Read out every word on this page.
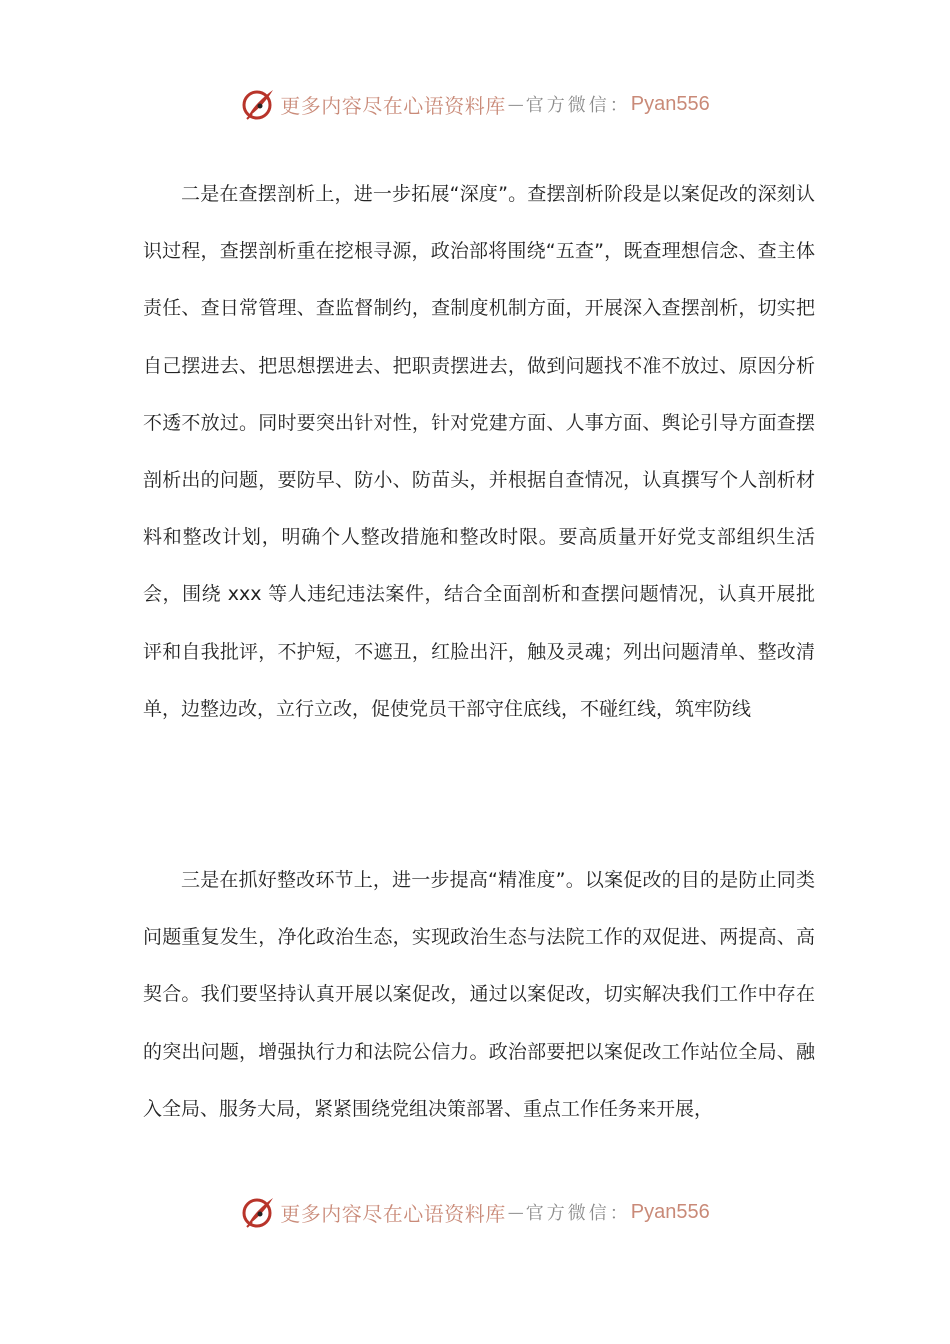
更多内容尽在心语资料库 — 官方微信： Pyan556

二是在查摆剖析上，进一步拓展“深度”。查摆剖析阶段是以案促改的深刻认识过程，查摆剖析重在挖根寻源，政治部将围绕“五查”，既查理想信念、查主体责任、查日常管理、查监督制约，查制度机制方面，开展深入查摆剖析，切实把自己摆进去、把思想摆进去、把职责摆进去，做到问题找不准不放过、原因分析不透不放过。同时要突出针对性，针对党建方面、人事方面、舆论引导方面查摆剖析出的问题，要防早、防小、防苗头，并根据自查情况，认真撰写个人剖析材料和整改计划，明确个人整改措施和整改时限。要高质量开好党支部组织生活会，围绕 xxx 等人违纪违法案件，结合全面剖析和查摆问题情况，认真开展批评和自我批评，不护短，不遮丑，红脸出汗，触及灵魂；列出问题清单、整改清单，边整边改，立行立改，促使党员干部守住底线，不碰红线，筑牢防线

三是在抓好整改环节上，进一步提高“精准度”。以案促改的目的是防止同类问题重复发生，净化政治生态，实现政治生态与法院工作的双促进、两提高、高契合。我们要坚持认真开展以案促改，通过以案促改，切实解决我们工作中存在的突出问题，增强执行力和法院公信力。政治部要把以案促改工作站位全局、融入全局、服务大局，紧紧围绕党组决策部署、重点工作任务来开展，

更多内容尽在心语资料库 — 官方微信： Pyan556
